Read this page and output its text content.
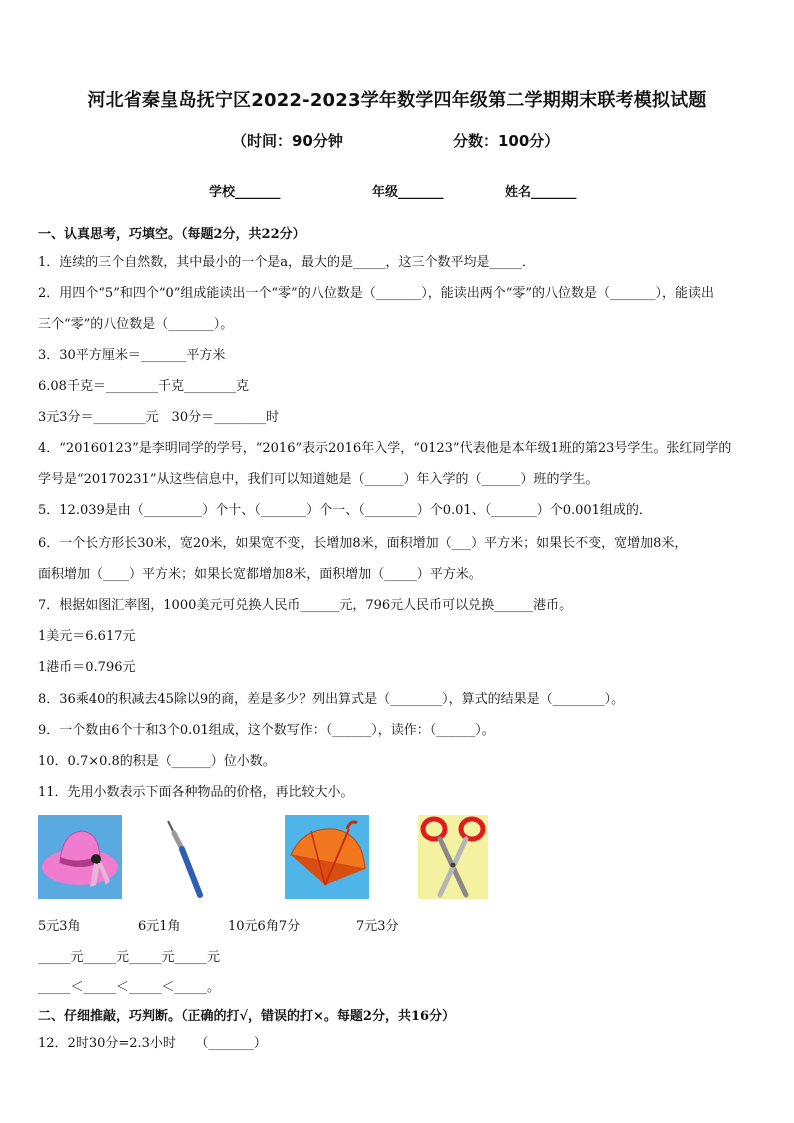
河北省秦皇岛抚宁区2022-2023学年数学四年级第二学期期末联考模拟试题
（时间：90分钟	分数：100分）
学校_______	年级_______	姓名_______
一、认真思考，巧填空。（每题2分，共22分）
1．连续的三个自然数，其中最小的一个是a，最大的是_____，这三个数平均是_____．
2．用四个“5”和四个“0”组成能读出一个“零”的八位数是（_______），能读出两个“零”的八位数是（_______），能读出
三个“零”的八位数是（_______）。
3．30平方厘米＝_______平方米
6.08千克＝________千克________克
3元3分＝________元　30分＝________时
4．“20160123”是李明同学的学号，“2016”表示2016年入学，“0123”代表他是本年级1班的第23号学生。张红同学的
学号是“20170231”从这些信息中，我们可以知道她是（______）年入学的（______）班的学生。
5．12.039是由（_________）个十、（_______）个一、（________）个0.01、（_______）个0.001组成的．
6．一个长方形长30米，宽20米，如果宽不变，长增加8米，面积增加（___）平方米；如果长不变，宽增加8米，
面积增加（____）平方米；如果长宽都增加8米，面积增加（_____）平方米。
7．根据如图汇率图，1000美元可兑换人民币______元，796元人民币可以兑换______港币。
1美元＝6.617元
1港币＝0.796元
8．36乘40的积减去45除以9的商，差是多少？列出算式是（________），算式的结果是（________）。
9．一个数由6个十和3个0.01组成，这个数写作：（______），读作：（______）。
10．0.7×0.8的积是（______）位小数。
11．先用小数表示下面各种物品的价格，再比较大小。
5元3角	6元1角	10元6角7分	7元3分
_____元_____元_____元_____元
_____＜_____＜_____＜_____。
二、仔细推敲，巧判断。（正确的打√，错误的打×。每题2分，共16分）
12．2时30分=2.3小时　　（_______）
